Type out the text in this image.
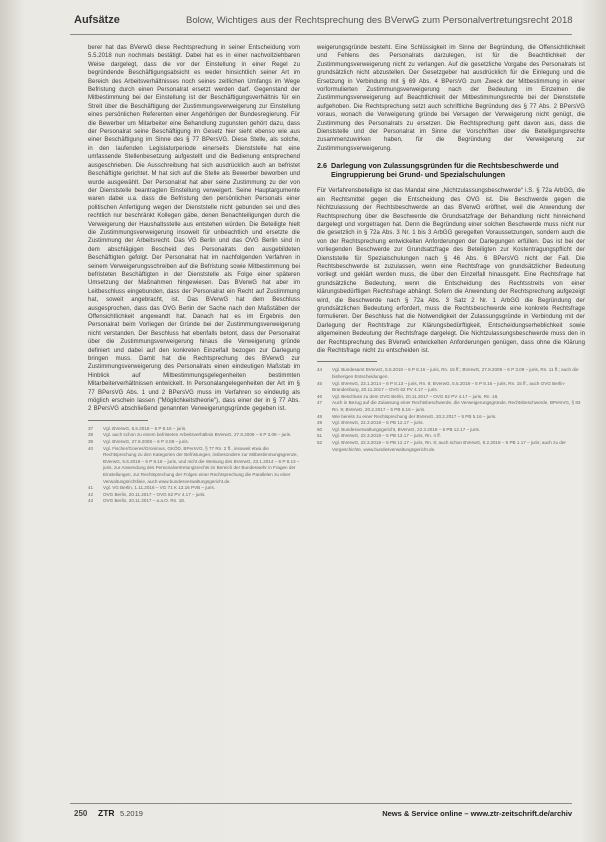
Aufsätze	Bolow, Wichtiges aus der Rechtsprechung des BVerwG zum Personalvertretungsrecht 2018
berer hat das BVerwG diese Rechtsprechung in seiner Entscheidung vom 5.5.2018 nun nochmals bestätigt. Dabei hat es in einer nachvollziehbaren Weise dargelegt, dass die vor der Einstellung in einer Regel zu begründende Beschäftigungsabsicht es weder hinsichtlich seiner Art im Bereich des Arbeitsverhältnisses noch seines zeitlichen Umfangs im Wege Befristung durch einen Personalrat ersetzt werden darf. Gegenstand der Mitbestimmung bei der Einstellung ist der Beschäftigungsverhältnis für ein Streit über die Beschäftigung der Zustimmungsverweigerung zur Einstellung eines persönlichen Referenten einer Angehörigen der Bundesregierung. Für die Bewerber um Mitarbeiter eine Behandlung zugunsten gehört dazu, dass der Personalrat seine Beschäftigung im Gesetz hier sieht ebenso wie aus einer Beschäftigung im Sinne des § 77 BPersVG. Diese Stelle, als solche, in den laufenden Legislaturperiode einerseits Dienststelle hat eine umfassende Stellenbesetzung aufgestellt und die Bedienung entsprechend ausgeschrieben. Die Ausschreibung hat sich ausdrücklich auch an befristet Beschäftigte gerichtet. M hat sich auf die Stelle als Bewerber beworben und wurde ausgewählt. Der Personalrat hat aber seine Zustimmung zu der von der Dienststelle beantragten Einstellung verweigert. Seine Hauptargumente waren dabei u.a. dass die Befristung den persönlichen Personals einer politischen Anfertigung wegen der Dienststelle nicht gebunden sei und dies rechtlich nur beschränkt Kollegen gäbe, denen Benachteiligungen durch die Verweigerung der Haushaltsstelle aus entstehen würden. Die Beteiligte hielt die Zustimmungsverweigerung insoweit für unbeachtlich und ersetzte die Zustimmung der Arbeitsrecht. Das VG Berlin und das OVG Berlin sind in dem abschlägigen Bescheid des Personalrats den ausgebildeten Beschäftigten gefolgt. Der Personalrat hat im nachfolgenden Verfahren in seinem Verweigerungsschreiben auf die Befristung sowie Mitbestimmung bei befristeten Beschäftigten in der Dienststelle als Folge einer späteren Umsetzung der Maßnahmen hingewiesen. Das BVerwG hat aber im Leitbeschluss eingebunden, dass der Personalrat ein Recht auf Zustimmung hat, soweit angebracht, ist. Das BVerwG hat dem Beschluss ausgesprochen, dass das OVG Berlin der Sache nach den Maßstäben der Offensichtlichkeit angewandt hat. Danach hat es im Ergebnis den Personalrat beim Vorliegen der Gründe bei der Zustimmungsverweigerung nicht verstanden. Der Beschluss hat ebenfalls betont, dass der Personalrat über die Zustimmungsverweigerung hinaus die Verweigerung gründe definiert und dabei auf den konkreten Einzelfall bezogen zur Darlegung bringen muss. Damit hat die Rechtsprechung des BVerwG zur Zustimmungsverweigerung des Personalrats einen eindeutigen Maßstab im Hinblick auf Mitbestimmungsgelegenheiten bestimmten Mitarbeiterverhältnissen entwickelt. In Personalangelegenheiten der Art im § 77 BPersVG Abs. 1 und 2 BPersVG muss im Verfahren so eindeutig als möglich erschein lassen ("Möglichkeitstheorie"), dass einer der in § 77 Abs. 2 BPersVG abschließend genannten Verweigerungsgründe gegeben ist.
37	Vgl. BVerwG, 5.5.2018 – 5 P 8.16 – juris.
38	Vgl. auch schon zu einem befristeten Arbeitsverhältnis BVerwG, 27.8.2008 – 6 P 3.08 – juris.
39	Vgl. BVerwG, 27.8.2008 – 6 P 3.08 – juris.
40	Vgl. Fischer/Goeres/Gronimus, GKÖD, BPersVG, § 77 Rn. 2 ff., insoweit etwa die Rechtsprechung zu den Kategorien der Befristungen, insbesondere zur Mitbestimmungsgrenze, BVerwG, 5.5.2018 – 5 P 8.16 – juris, und nicht die Weisung des BVerwG, 23.1.2014 – 6 P 8.13 – juris, zur Anwendung des Personalvertretungsrechts im Bereich der Bundeswehr in Fragen der Einstellungen, zur Rechtsprechung der Folgen einer Rechtsprechung die Parallelen zu einer Verwaltungsrichtlinie, auch www.bundesverwaltungsgericht.de.
41	Vgl. VG Berlin, 1.11.2016 – VG 71 K 13.16 PVB – juris.
42	OVG Berlin, 20.11.2017 – OVG 62 PV 4.17 – juris.
43	OVG Berlin, 20.11.2017 – a.a.O. Rn. 18.
weigerungsgründe besteht. Eine Schlüssigkeit im Sinne der Begründung, die Offensichtlichkeit und Fehlens des Personalrats darzulegen, ist für die Beachtlichkeit der Zustimmungsverweigerung nicht zu verlangen. Auf die gesetzliche Vorgabe des Personalrats ist grundsätzlich nicht abzustellen. Der Gesetzgeber hat ausdrücklich für die Einlegung und die Ersetzung in Verbindung mit § 69 Abs. 4 BPersVG zum Zweck der Mitbestimmung in einer vorformulierten Zustimmungsverweigerung nach der Bedeutung im Einzelnen die Zustimmungsverweigerung auf Beachtlichkeit der Mitbestimmungsrechte bei der Dienststelle aufgehoben. Die Rechtsprechung setzt auch schriftliche Begründung des § 77 Abs. 2 BPersVG voraus, wonach die Verweigerung gründe bei Versagen der Verweigerung nicht genügt, die Zustimmung des Personalrats zu ersetzen. Die Rechtsprechung geht davon aus, dass die Dienststelle und der Personalrat im Sinne der Vorschriften über die Beteiligungsrechte zusammenzuwirken haben, für die Begründung der Verweigerung zur Zustimmungsverweigerung.
2.6 Darlegung von Zulassungsgründen für die Rechtsbeschwerde und Eingruppierung bei Grund- und Spezialschulungen
Für Verfahrensbeteiligte ist das Mandat eine „Nichtzulassungsbeschwerde“ i.S. § 72a ArbGG, die ein Rechtsmittel gegen die Entscheidung des OVG ist. Die Beschwerde gegen die Nichtzulassung der Rechtsbeschwerde an das BVerwG eröffnet, weil die Anwendung der Rechtsprechung über die Beschwerde die Grundsatzfrage der Behandlung nicht hinreichend dargelegt und vorgetragen hat. Denn die Begründung einer solchen Beschwerde muss nicht nur die gesetzlich in § 72a Abs. 3 Nr. 1 bis 3 ArbGG geregelten Voraussetzungen, sondern auch die von der Rechtsprechung entwickelten Anforderungen der Darlegungen erfüllen. Das ist bei der vorliegenden Beschwerde zur Grundsatzfrage des Beteiligten zur Kostentragungspflicht der Dienststelle für Spezialschulungen nach § 46 Abs. 6 BPersVG nicht der Fall. Die Rechtsbeschwerde ist zuzulassen, wenn eine Rechtsfrage von grundsätzlicher Bedeutung vorliegt und geklärt werden muss, die über den Einzelfall hinausgeht. Eine Rechtsfrage hat grundsätzliche Bedeutung, wenn die Entscheidung des Rechtsstreits von einer klärungsbedürftigen Rechtsfrage abhängt. Sofern die Anwendung der Rechtsprechung aufgezeigt wird, die Beschwerde nach § 72a Abs. 3 Satz 2 Nr. 1 ArbGG die Begründung der grundsätzlichen Bedeutung erfordert, muss die Rechtsbeschwerde eine konkrete Rechtsfrage formulieren. Der Beschluss hat die Notwendigkeit der Zulassungsgründe in Verbindung mit der Darlegung der Rechtsfrage zur Klärungsbedürftigkeit, Entscheidungserheblichkeit sowie allgemeinen Bedeutung der Rechtsfrage dargelegt. Die Nichtzulassungsbeschwerde muss den in der Rechtsprechung des BVerwG entwickelten Anforderungen genügen, dass ohne die Klärung die Rechtsfrage nicht zu entscheiden ist.
44	Vgl. Bundesamt BVerwG, 5.5.2018 – 5 P 8.16 – juris, Rn. 15 ff.; BVerwG, 27.8.2008 – 6 P 3.08 – juris, Rn. 11 ff.; auch die bisherigen Entscheidungen.
45	Vgl. BVerwG, 23.1.2014 – 6 P 8.13 – juris, Rn. 8; BVerwG, 5.5.2018 – 5 P 8.16 – juris, Rn. 15 ff., auch OVG Berlin-Brandenburg, 20.11.2017 – OVG 62 PV 4.17 – juris.
46	Vgl. Beschluss zu dem OVG Berlin, 20.11.2017 – OVG 62 PV 4.17 – juris, Rn. 18.
47	Auch in Bezug auf die Zulassung einer Rechtsbeschwerde, die Verweigerungsgründe, Rechtsbeschwerde, BPersVG, § 83 Rn. 9; BVerwG, 20.2.2017 – 5 PB 5.16 – juris.
48	Wie bereits zu einer Rechtsprechung der BVerwG, 20.2.2017 – 5 PB 5.16 – juris.
49	Vgl. BVerwG, 22.3.2018 – 5 PB 12.17 – juris.
50	Vgl. Bundesverwaltungsgericht, BVerwG, 22.3.2018 – 5 PB 12.17 – juris.
51	Vgl. BVerwG, 22.3.2018 – 5 PB 12.17 – juris, Rn. 4 ff.
52	Vgl. BVerwG, 22.3.2018 – 5 PB 12.17 – juris, Rn. 8; auch schon BVerwG, 8.2.2018 – 5 PB 1.17 – juris; auch zu der Vorgeschichte, www.bundesverwaltungsgericht.de.
250 ZTR 5.2019	News & Service online – www.ztr-zeitschrift.de/archiv
